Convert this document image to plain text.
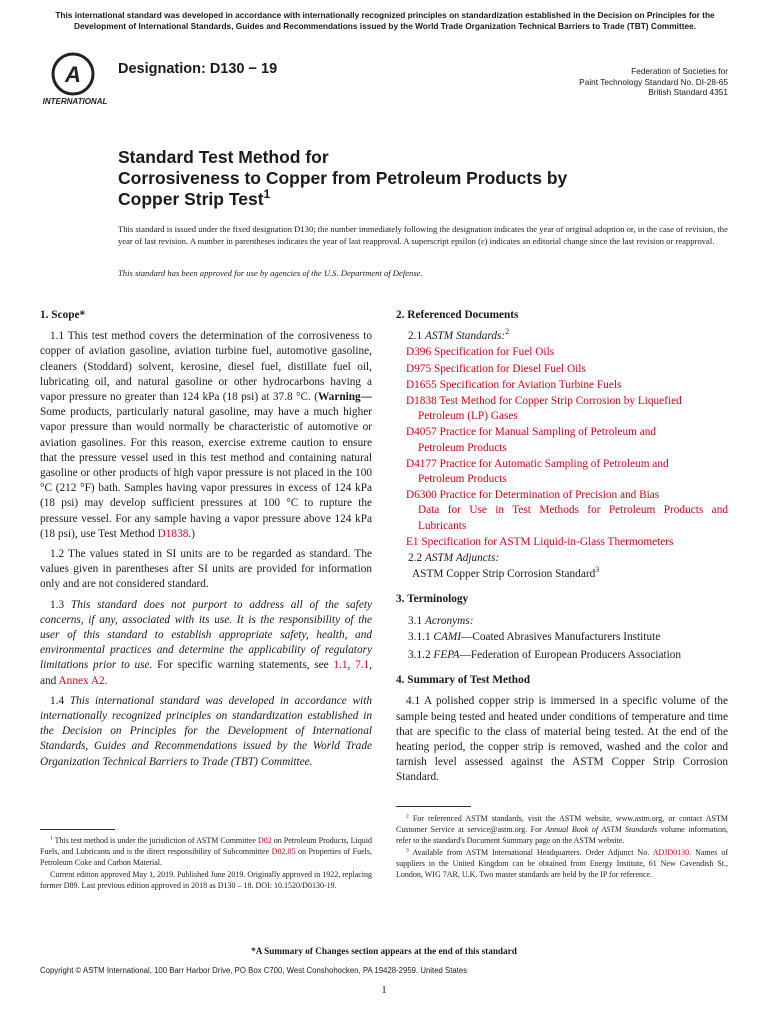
This international standard was developed in accordance with internationally recognized principles on standardization established in the Decision on Principles for the Development of International Standards, Guides and Recommendations issued by the World Trade Organization Technical Barriers to Trade (TBT) Committee.
A
INTERNATIONAL
Designation: D130 − 19	Federation of Societies for
Paint Technology Standard No. DI-28-65
British Standard 4351
Standard Test Method for
Corrosiveness to Copper from Petroleum Products by
Copper Strip Test$^1$
This standard is issued under the fixed designation D130; the number immediately following the designation indicates the year of original adoption or, in the case of revision, the year of last revision. A number in parentheses indicates the year of last reapproval. A superscript epsilon (ε) indicates an editorial change since the last revision or reapproval.
This standard has been approved for use by agencies of the U.S. Department of Defense.
1. Scope*

1.1 This test method covers the determination of the corrosiveness to copper of aviation gasoline, aviation turbine fuel, automotive gasoline, cleaners (Stoddard) solvent, kerosine, diesel fuel, distillate fuel oil, lubricating oil, and natural gasoline or other hydrocarbons having a vapor pressure no greater than 124 kPa (18 psi) at 37.8 °C. (Warning—Some products, particularly natural gasoline, may have a much higher vapor pressure than would normally be characteristic of automotive or aviation gasolines. For this reason, exercise extreme caution to ensure that the pressure vessel used in this test method and containing natural gasoline or other products of high vapor pressure is not placed in the 100 °C (212 °F) bath. Samples having vapor pressures in excess of 124 kPa (18 psi) may develop sufficient pressures at 100 °C to rupture the pressure vessel. For any sample having a vapor pressure above 124 kPa (18 psi), use Test Method D1838.)

1.2 The values stated in SI units are to be regarded as standard. The values given in parentheses after SI units are provided for information only and are not considered standard.

1.3 This standard does not purport to address all of the safety concerns, if any, associated with its use. It is the responsibility of the user of this standard to establish appropriate safety, health, and environmental practices and determine the applicability of regulatory limitations prior to use. For specific warning statements, see 1.1, 7.1, and Annex A2.

1.4 This international standard was developed in accordance with internationally recognized principles on standardization established in the Decision on Principles for the Development of International Standards, Guides and Recommendations issued by the World Trade Organization Technical Barriers to Trade (TBT) Committee.

2. Referenced Documents
2.1 ASTM Standards:$^2$
D396 Specification for Fuel Oils
D975 Specification for Diesel Fuel Oils
D1655 Specification for Aviation Turbine Fuels
D1838 Test Method for Copper Strip Corrosion by Liquefied
Petroleum (LP) Gases
D4057 Practice for Manual Sampling of Petroleum and
Petroleum Products
D4177 Practice for Automatic Sampling of Petroleum and
Petroleum Products
D6300 Practice for Determination of Precision and Bias
Data for Use in Test Methods for Petroleum Products and Lubricants
E1 Specification for ASTM Liquid-in-Glass Thermometers
2.2 ASTM Adjuncts:
ASTM Copper Strip Corrosion Standard$^3$
3. Terminology
3.1 Acronyms:
3.1.1 CAMI—Coated Abrasives Manufacturers Institute
3.1.2 FEPA—Federation of European Producers Association
4. Summary of Test Method

4.1 A polished copper strip is immersed in a specific volume of the sample being tested and heated under conditions of temperature and time that are specific to the class of material being tested. At the end of the heating period, the copper strip is removed, washed and the color and tarnish level assessed against the ASTM Copper Strip Corrosion Standard.

$^1$ This test method is under the jurisdiction of ASTM Committee D02 on Petroleum Products, Liquid Fuels, and Lubricants and is the direct responsibility of Subcommittee D02.05 on Properties of Fuels, Petroleum Coke and Carbon Material.

Current edition approved May 1, 2019. Published June 2019. Originally approved in 1922, replacing former D89. Last previous edition approved in 2018 as D130 – 18. DOI: 10.1520/D0130-19.

$^2$ For referenced ASTM standards, visit the ASTM website, www.astm.org, or contact ASTM Customer Service at service@astm.org. For Annual Book of ASTM Standards volume information, refer to the standard's Document Summary page on the ASTM website.

$^3$ Available from ASTM International Headquarters. Order Adjunct No. ADJD0130. Names of suppliers in the United Kingdom can be obtained from Energy Institute, 61 New Cavendish St., London, WIG 7AR, U.K. Two master standards are held by the IP for reference.

*A Summary of Changes section appears at the end of this standard
Copyright © ASTM International, 100 Barr Harbor Drive, PO Box C700, West Conshohocken, PA 19428-2959. United States
1
